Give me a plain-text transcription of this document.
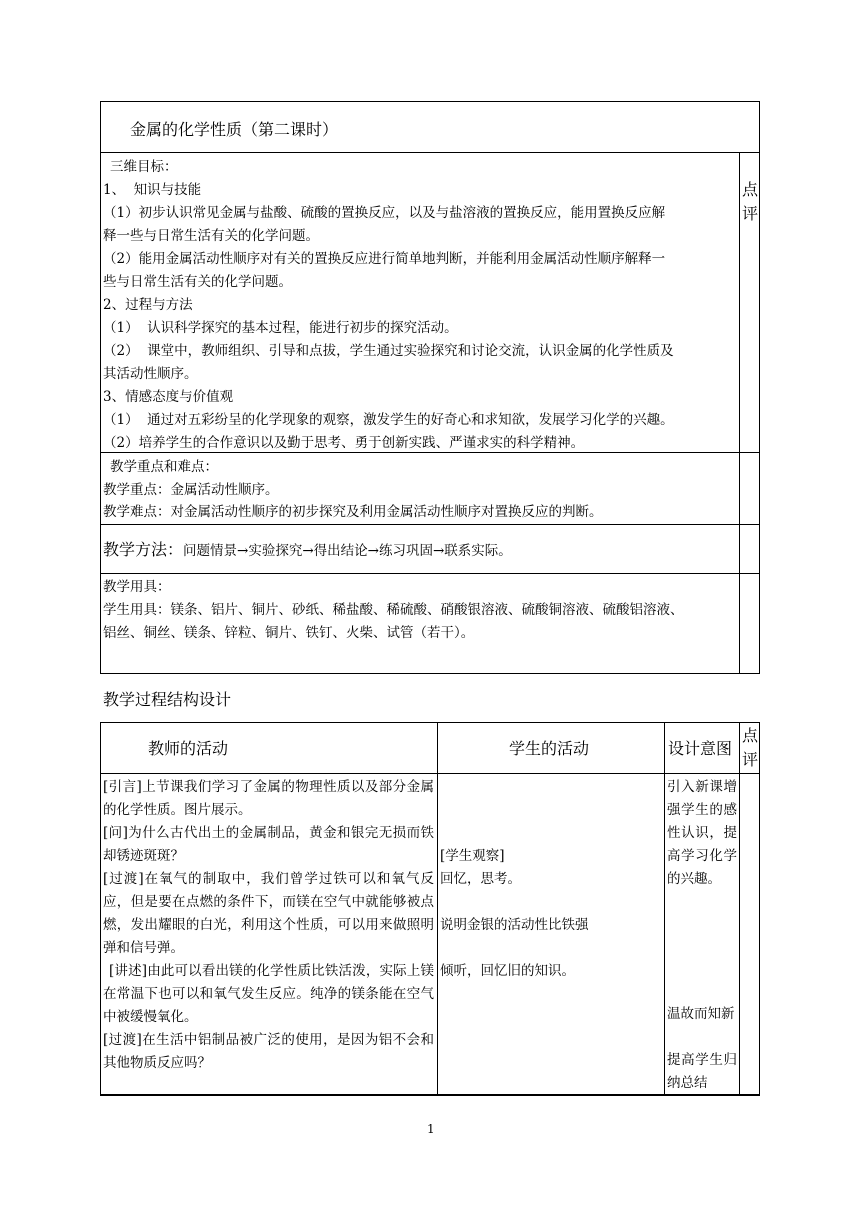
金属的化学性质（第二课时）
三维目标：
1、  知识与技能
（1）初步认识常见金属与盐酸、硫酸的置换反应，以及与盐溶液的置换反应，能用置换反应解
释一些与日常生活有关的化学问题。
（2）能用金属活动性顺序对有关的置换反应进行简单地判断，并能利用金属活动性顺序解释一
些与日常生活有关的化学问题。
2、过程与方法
（1）  认识科学探究的基本过程，能进行初步的探究活动。
（2）  课堂中，教师组织、引导和点拔，学生通过实验探究和讨论交流，认识金属的化学性质及
其活动性顺序。
3、情感态度与价值观
（1）  通过对五彩纷呈的化学现象的观察，激发学生的好奇心和求知欲，发展学习化学的兴趣。
（2）培养学生的合作意识以及勤于思考、勇于创新实践、严谨求实的科学精神。
点
评
教学重点和难点：
教学重点：金属活动性顺序。
教学难点：对金属活动性顺序的初步探究及利用金属活动性顺序对置换反应的判断。
教学方法：问题情景→实验探究→得出结论→练习巩固→联系实际。
教学用具：
学生用具：镁条、铝片、铜片、砂纸、稀盐酸、稀硫酸、硝酸银溶液、硫酸铜溶液、硫酸铝溶液、
铝丝、铜丝、镁条、锌粒、铜片、铁钉、火柴、试管（若干）。
教学过程结构设计
教师的活动	学生的活动	设计意图
点
评
[引言]上节课我们学习了金属的物理性质以及部分金属的化学性质。图片展示。
[问]为什么古代出土的金属制品，黄金和银完无损而铁却锈迹斑斑？
[过渡]在氧气的制取中，我们曾学过铁可以和氧气反应，但是要在点燃的条件下，而镁在空气中就能够被点燃，发出耀眼的白光，利用这个性质，可以用来做照明弹和信号弹。
[讲述]由此可以看出镁的化学性质比铁活泼，实际上镁在常温下也可以和氧气发生反应。纯净的镁条能在空气中被缓慢氧化。
[过渡]在生活中铝制品被广泛的使用，是因为铝不会和其他物质反应吗？
[学生观察]
回忆，思考。
说明金银的活动性比铁强
倾听，回忆旧的知识。
引入新课增强学生的感性认识，提高学习化学的兴趣。
温故而知新
提高学生归纳总结
1
